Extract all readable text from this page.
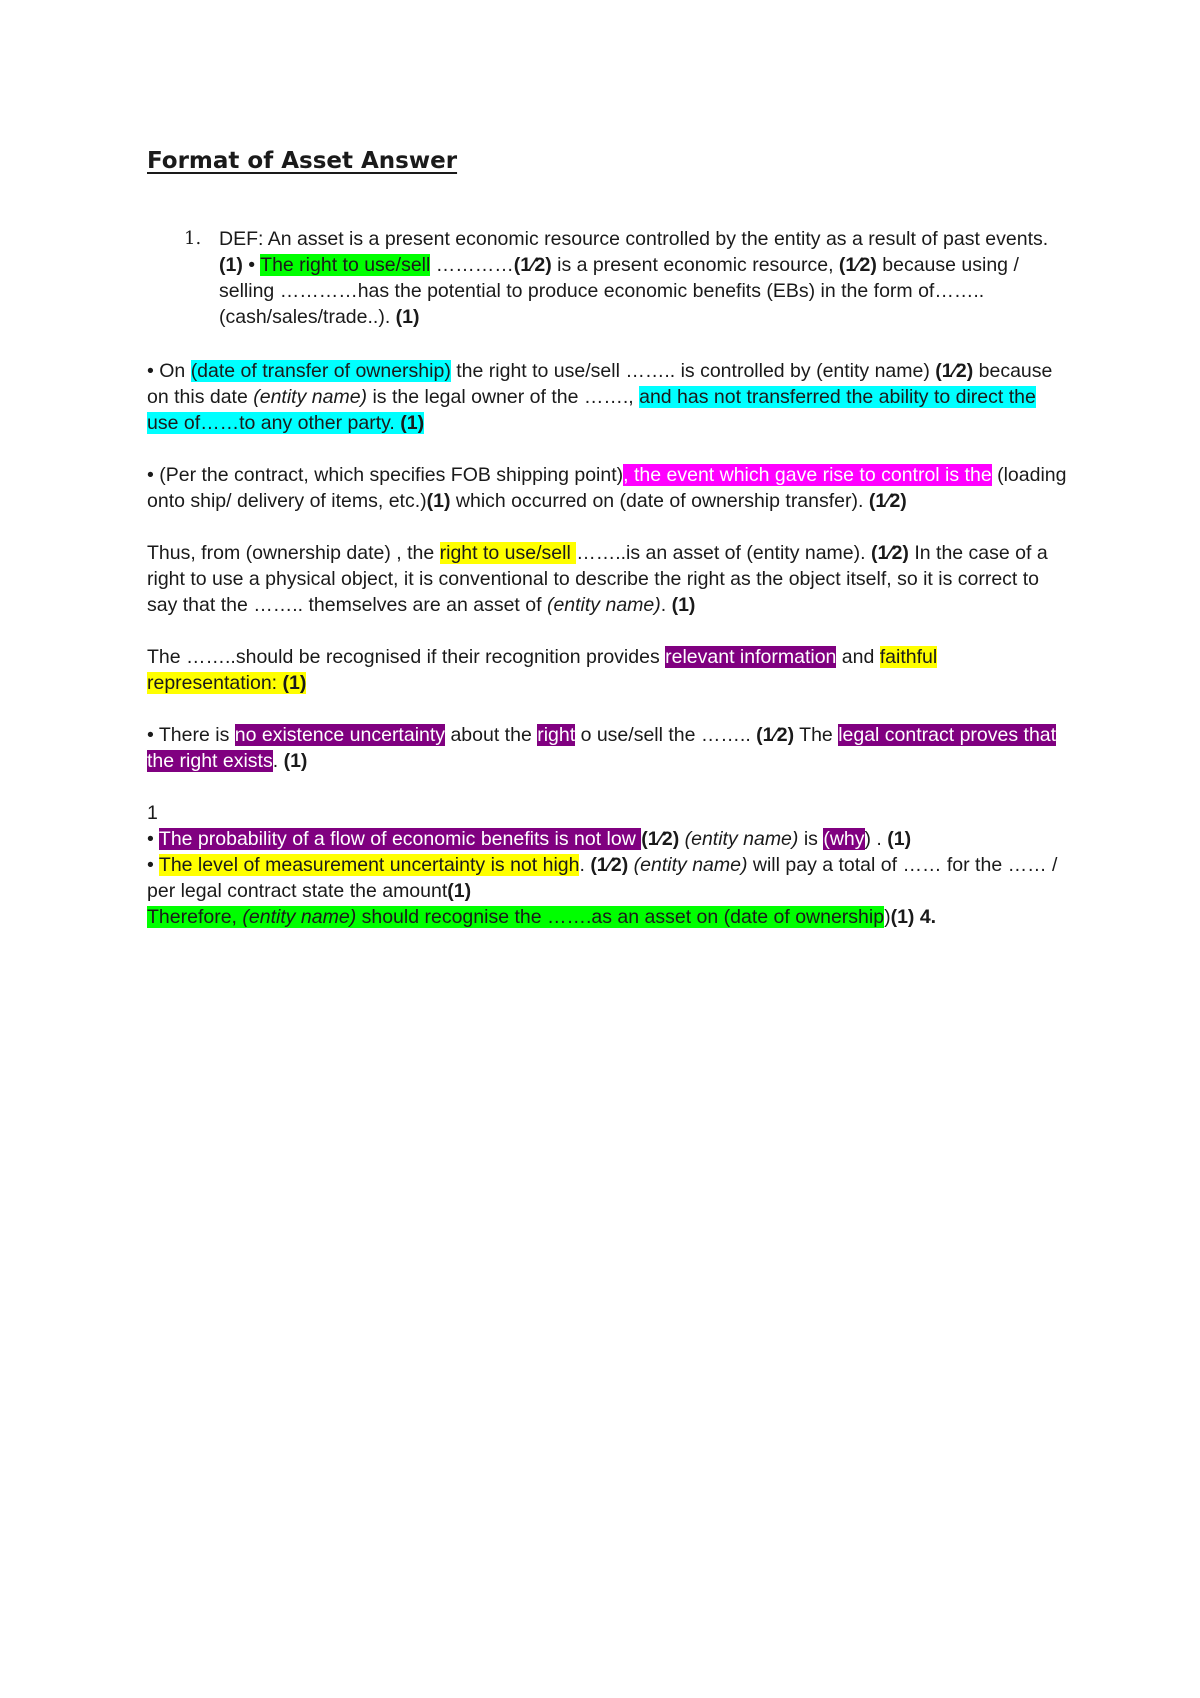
Format of Asset Answer
1. DEF: An asset is a present economic resource controlled by the entity as a result of past events. (1) • The right to use/sell …………(1⁄2) is a present economic resource, (1⁄2) because using / selling …………has the potential to produce economic benefits (EBs) in the form of……..(cash/sales/trade..). (1)

• On (date of transfer of ownership) the right to use/sell …….. is controlled by (entity name) (1⁄2) because on this date (entity name) is the legal owner of the ……., and has not transferred the ability to direct the use of……to any other party. (1)

• (Per the contract, which specifies FOB shipping point), the event which gave rise to control is the (loading onto ship/ delivery of items, etc.)(1) which occurred on (date of ownership transfer). (1⁄2)

Thus, from (ownership date) , the right to use/sell ……..is an asset of (entity name). (1⁄2) In the case of a right to use a physical object, it is conventional to describe the right as the object itself, so it is correct to say that the …….. themselves are an asset of (entity name). (1)

The ……..should be recognised if their recognition provides relevant information and faithful representation: (1)

• There is no existence uncertainty about the right o use/sell the …….. (1⁄2) The legal contract proves that the right exists. (1)

1

• The probability of a flow of economic benefits is not low (1⁄2) (entity name) is (why) . (1)

• The level of measurement uncertainty is not high. (1⁄2) (entity name) will pay a total of …… for the …… / per legal contract state the amount(1)

Therefore, (entity name) should recognise the …….as an asset on (date of ownership)(1) 4.
